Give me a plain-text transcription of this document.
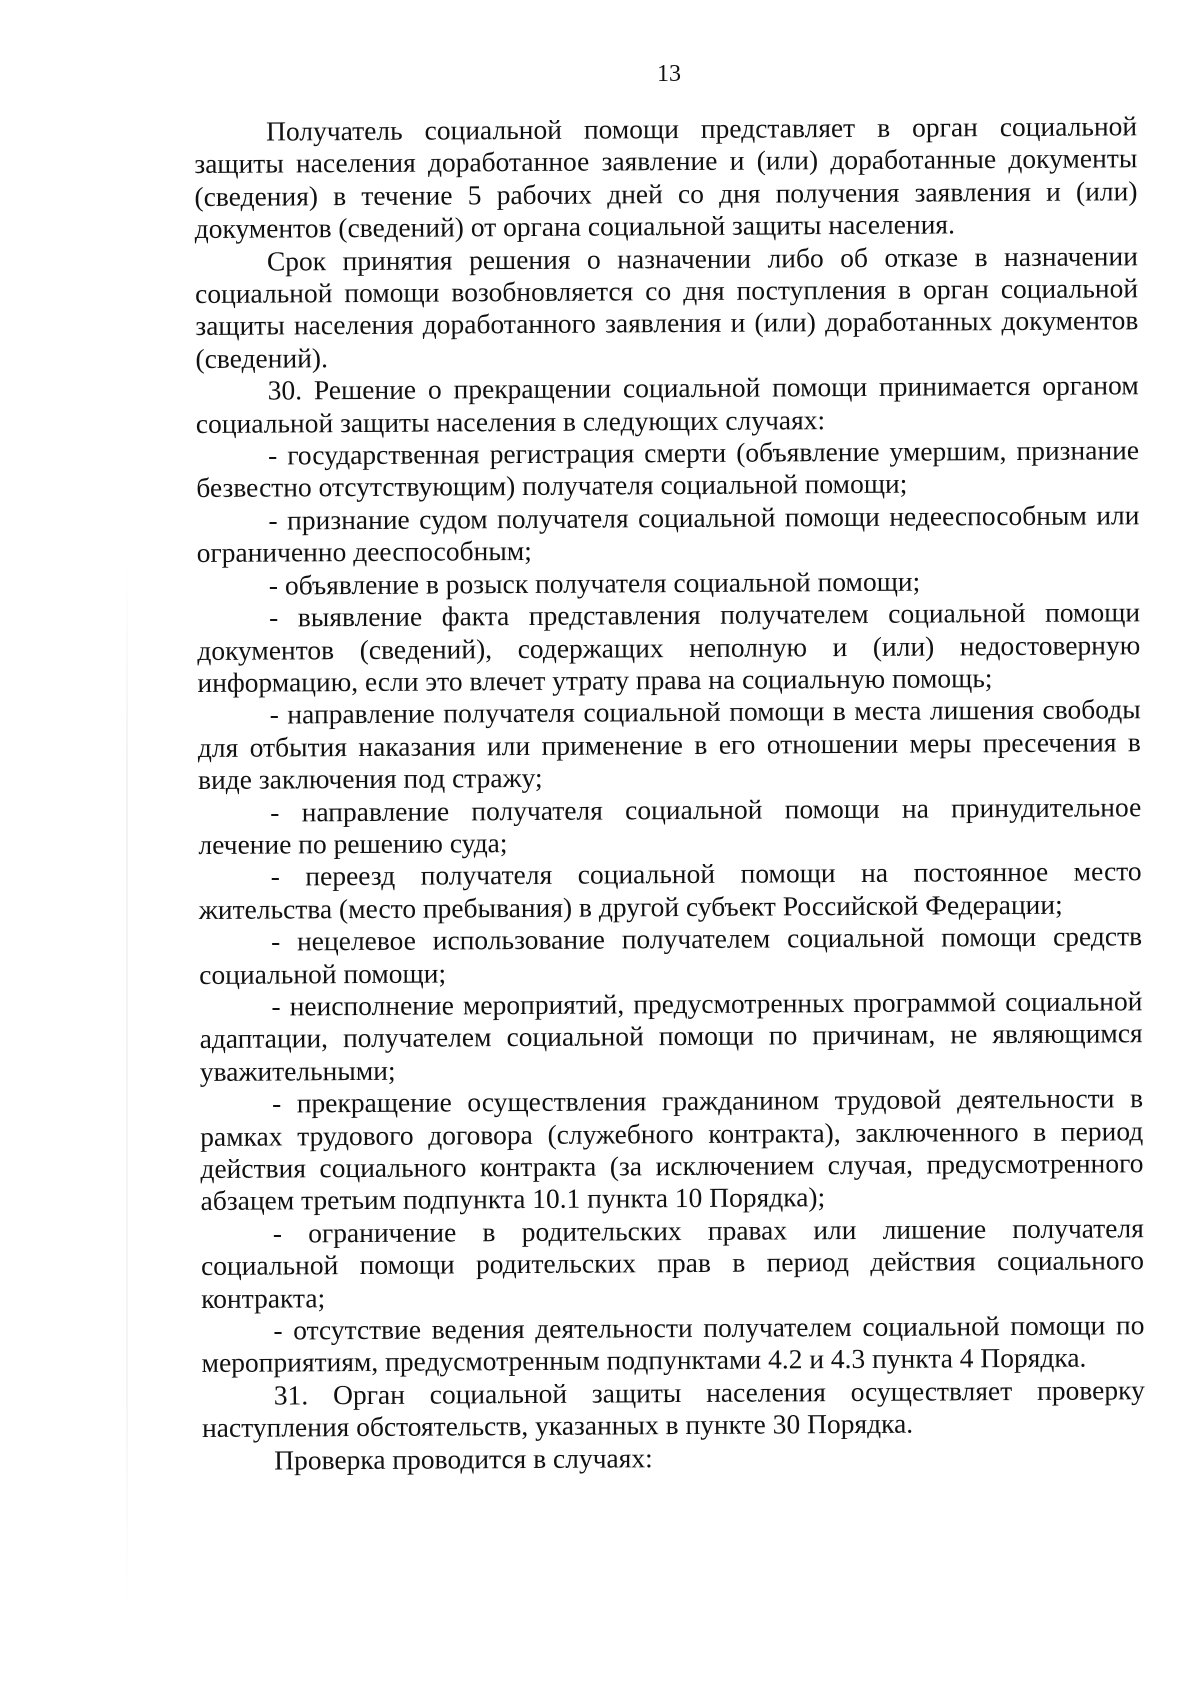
13

Получатель социальной помощи представляет в орган социальной защиты населения доработанное заявление и (или) доработанные документы (сведения) в течение 5 рабочих дней со дня получения заявления и (или) документов (сведений) от органа социальной защиты населения.

Срок принятия решения о назначении либо об отказе в назначении социальной помощи возобновляется со дня поступления в орган социальной защиты населения доработанного заявления и (или) доработанных документов (сведений).

30. Решение о прекращении социальной помощи принимается органом социальной защиты населения в следующих случаях:

- государственная регистрация смерти (объявление умершим, признание безвестно отсутствующим) получателя социальной помощи;

- признание судом получателя социальной помощи недееспособным или ограниченно дееспособным;

- объявление в розыск получателя социальной помощи;

- выявление факта представления получателем социальной помощи документов (сведений), содержащих неполную и (или) недостоверную информацию, если это влечет утрату права на социальную помощь;

- направление получателя социальной помощи в места лишения свободы для отбытия наказания или применение в его отношении меры пресечения в виде заключения под стражу;

- направление получателя социальной помощи на принудительное лечение по решению суда;

- переезд получателя социальной помощи на постоянное место жительства (место пребывания) в другой субъект Российской Федерации;

- нецелевое использование получателем социальной помощи средств социальной помощи;

- неисполнение мероприятий, предусмотренных программой социальной адаптации, получателем социальной помощи по причинам, не являющимся уважительными;

- прекращение осуществления гражданином трудовой деятельности в рамках трудового договора (служебного контракта), заключенного в период действия социального контракта (за исключением случая, предусмотренного абзацем третьим подпункта 10.1 пункта 10 Порядка);

- ограничение в родительских правах или лишение получателя социальной помощи родительских прав в период действия социального контракта;

- отсутствие ведения деятельности получателем социальной помощи по мероприятиям, предусмотренным подпунктами 4.2 и 4.3 пункта 4 Порядка.

31. Орган социальной защиты населения осуществляет проверку наступления обстоятельств, указанных в пункте 30 Порядка.

Проверка проводится в случаях:
